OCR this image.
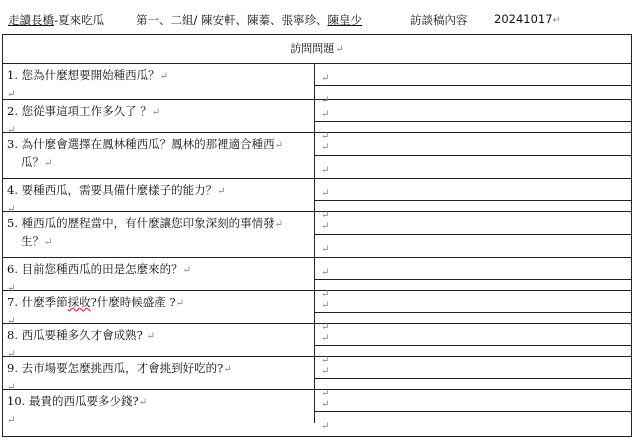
走讀長橋-夏來吃瓜	第一、二組/ 陳安軒、陳蓁、張寧珍、陳皇少	訪談稿內容 20241017↵
訪問問題↵
1. 您為什麼想要開始種西瓜？↵
↵
↵
↵
2. 您從事這項工作多久了 ？↵
↵
↵
↵
3. 為什麼會選擇在鳳林種西瓜？鳳林的那裡適合種西↵
瓜？↵
↵
↵
4. 要種西瓜，需要具備什麼樣子的能力？↵
↵
↵
↵
5. 種西瓜的歷程當中，有什麼讓您印象深刻的事情發↵
生？↵
↵
↵
6. 目前您種西瓜的田是怎麼來的？↵
↵
↵
↵
7. 什麼季節採收?什麼時候盛產 ?↵
↵
↵
↵
8. 西瓜要種多久才會成熟? ↵
↵
↵
↵
9. 去市場要怎麼挑西瓜，才會挑到好吃的?↵
↵
↵
↵
10. 最貴的西瓜要多少錢?↵
↵
↵
↵
